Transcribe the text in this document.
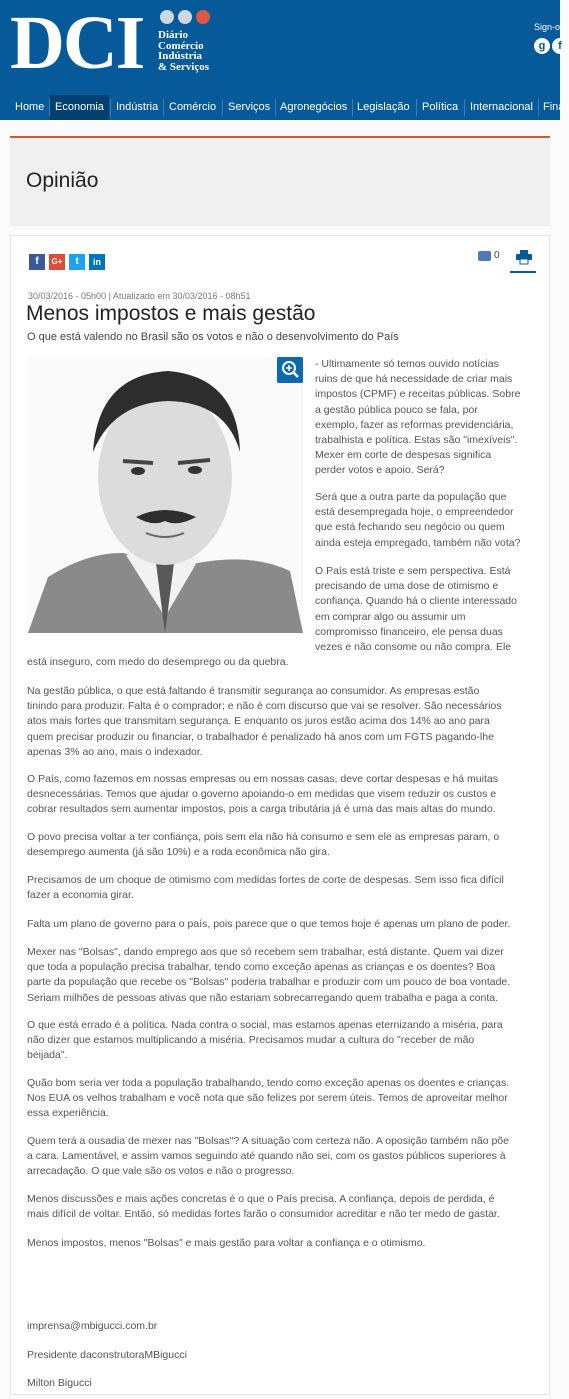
DCI Diário
Comércio
Indústria
& Serviços
Sign-on
g	f
Home Economia	Indústria Comércio	Serviços Agronegócios Legislação	Política	Internacional Fina
Opinião
f	G+	t	in
0
30/03/2016 - 05h00 | Atualizado em 30/03/2016 - 08h51
Menos impostos e mais gestão
O que está valendo no Brasil são os votos e não o desenvolvimento do País
- Ultimamente só temos ouvido notícias
ruins de que há necessidade de criar mais
impostos (CPMF) e receitas públicas. Sobre
a gestão pública pouco se fala, por
exemplo, fazer as reformas previdenciária,
trabalhista e política. Estas são "imexíveis".
Mexer em corte de despesas significa
perder votos e apoio. Será?
Será que a outra parte da população que
está desempregada hoje, o empreendedor
que está fechando seu negócio ou quem
ainda esteja empregado, também não vota?
O País está triste e sem perspectiva. Está
precisando de uma dose de otimismo e
confiança. Quando há o cliente interessado
em comprar algo ou assumir um
compromisso financeiro, ele pensa duas
vezes e não consome ou não compra. Ele
está inseguro, com medo do desemprego ou da quebra.
Na gestão pública, o que está faltando é transmitir segurança ao consumidor. As empresas estão
tinindo para produzir. Falta é o comprador; e não é com discurso que vai se resolver. São necessários
atos mais fortes que transmitam segurança. E enquanto os juros estão acima dos 14% ao ano para
quem precisar produzir ou financiar, o trabalhador é penalizado há anos com um FGTS pagando-lhe
apenas 3% ao ano, mais o indexador.
O País, como fazemos em nossas empresas ou em nossas casas, deve cortar despesas e há muitas
desnecessárias. Temos que ajudar o governo apoiando-o em medidas que visem reduzir os custos e
cobrar resultados sem aumentar impostos, pois a carga tributária já é uma das mais altas do mundo.
O povo precisa voltar a ter confiança, pois sem ela não há consumo e sem ele as empresas param, o
desemprego aumenta (já são 10%) e a roda econômica não gira.
Precisamos de um choque de otimismo com medidas fortes de corte de despesas. Sem isso fica difícil
fazer a economia girar.
Falta um plano de governo para o país, pois parece que o que temos hoje é apenas um plano de poder.
Mexer nas "Bolsas", dando emprego aos que só recebem sem trabalhar, está distante. Quem vai dizer
que toda a população precisa trabalhar, tendo como exceção apenas as crianças e os doentes? Boa
parte da população que recebe os "Bolsas" poderia trabalhar e produzir com um pouco de boa vontade.
Seriam milhões de pessoas ativas que não estariam sobrecarregando quem trabalha e paga a conta.
O que está errado é a política. Nada contra o social, mas estamos apenas eternizando a miséria, para
não dizer que estamos multiplicando a miséria. Precisamos mudar a cultura do "receber de mão
beijada".
Quão bom seria ver toda a população trabalhando, tendo como exceção apenas os doentes e crianças.
Nos EUA os velhos trabalham e você nota que são felizes por serem úteis. Temos de aproveitar melhor
essa experiência.
Quem terá a ousadia de mexer nas "Bolsas"? A situação com certeza não. A oposição também não põe
a cara. Lamentável, e assim vamos seguindo até quando não sei, com os gastos públicos superiores à
arrecadação. O que vale são os votos e não o progresso.
Menos discussões e mais ações concretas é o que o País precisa. A confiança, depois de perdida, é
mais difícil de voltar. Então, só medidas fortes farão o consumidor acreditar e não ter medo de gastar.
Menos impostos, menos "Bolsas" e mais gestão para voltar a confiança e o otimismo.
imprensa@mbigucci.com.br
Presidente daconstrutoraMBigucci
Milton Bigucci
